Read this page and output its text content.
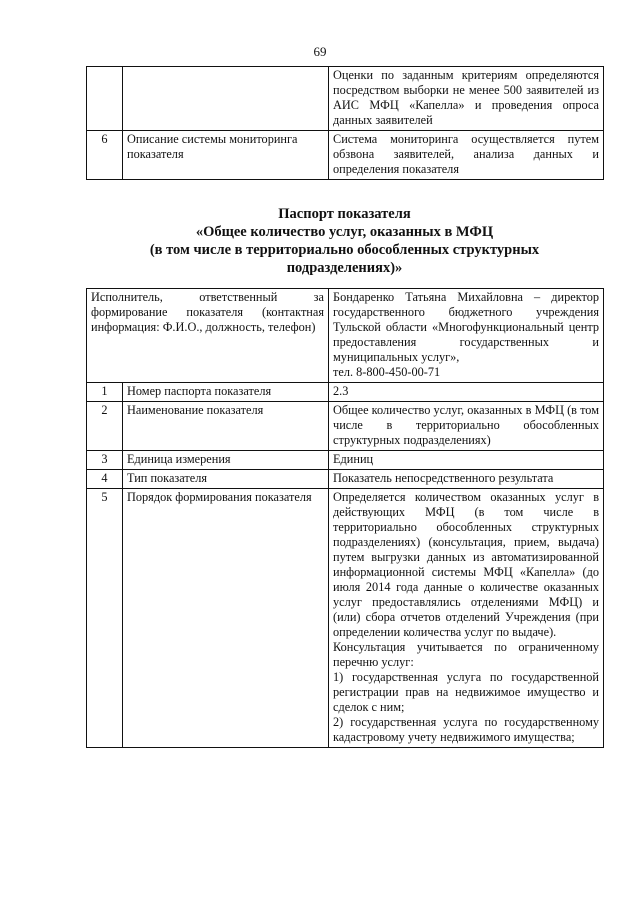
69
		Оценки по заданным критериям определяются посредством выборки не менее 500 заявителей из АИС МФЦ «Капелла» и проведения опроса данных заявителей
6	Описание системы мониторинга показателя	Система мониторинга осуществляется путем обзвона заявителей, анализа данных и определения показателя
Паспорт показателя
«Общее количество услуг, оказанных в МФЦ
(в том числе в территориально обособленных структурных
подразделениях)»
Исполнитель, ответственный за формирование показателя (контактная информация: Ф.И.О., должность, телефон)		Бондаренко Татьяна Михайловна – директор государственного бюджетного учреждения Тульской области «Многофункциональный центр предоставления государственных и муниципальных услуг»,
тел. 8-800-450-00-71

1	Номер паспорта показателя	2.3
2	Наименование показателя	Общее количество услуг, оказанных в МФЦ (в том числе в территориально обособленных структурных подразделениях)
3	Единица измерения	Единиц
4	Тип показателя	Показатель непосредственного результата
5	Порядок формирования показателя	Определяется количеством оказанных услуг в действующих МФЦ (в том числе в территориально обособленных структурных подразделениях) (консультация, прием, выдача) путем выгрузки данных из автоматизированной информационной системы МФЦ «Капелла» (до июля 2014 года данные о количестве оказанных услуг предоставлялись отделениями МФЦ) и (или) сбора отчетов отделений Учреждения (при определении количества услуг по выдаче).

Консультация учитывается по ограниченному перечню услуг:

1) государственная услуга по государственной регистрации прав на недвижимое имущество и сделок с ним;

2) государственная услуга по государственному кадастровому учету недвижимого имущества;
